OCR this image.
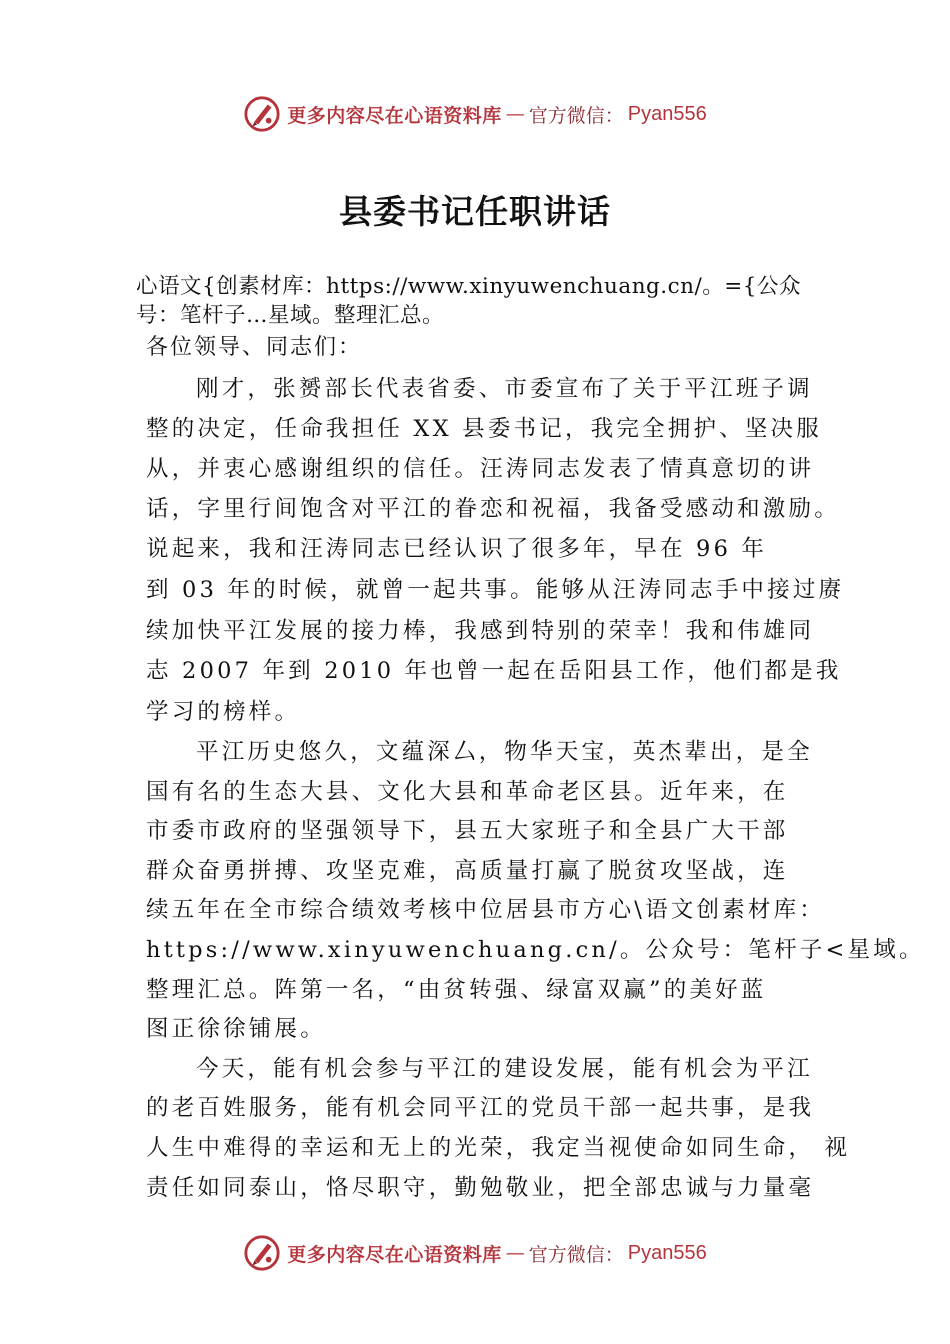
更多内容尽在心语资料库 — 官方微信： Pyan556
县委书记任职讲话

心语文{创素材库：https://www.xinyuwenchuang.cn/。={公众号：笔杆子…星域。整理汇总。

各位领导、同志们：

刚才，张赟部长代表省委、市委宣布了关于平江班子调

整的决定，任命我担任 XX 县委书记，我完全拥护、坚决服

从，并衷心感谢组织的信任。汪涛同志发表了情真意切的讲

话，字里行间饱含对平江的眷恋和祝福，我备受感动和激励。

说起来，我和汪涛同志已经认识了很多年，早在 96 年

到 03 年的时候，就曾一起共事。能够从汪涛同志手中接过赓

续加快平江发展的接力棒，我感到特别的荣幸！我和伟雄同

志 2007 年到 2010 年也曾一起在岳阳县工作，他们都是我

学习的榜样。

平江历史悠久，文蕴深厶，物华天宝，英杰辈出，是全

国有名的生态大县、文化大县和革命老区县。近年来，在

市委市政府的坚强领导下，县五大家班子和全县广大干部

群众奋勇拼搏、攻坚克难，高质量打赢了脱贫攻坚战，连

续五年在全市综合绩效考核中位居县市方心\语文创素材库：

https://www.xinyuwenchuang.cn/。公众号：笔杆子<星域。

整理汇总。阵第一名，“由贫转强、绿富双赢”的美好蓝

图正徐徐铺展。

今天，能有机会参与平江的建设发展，能有机会为平江

的老百姓服务，能有机会同平江的党员干部一起共事，是我

人生中难得的幸运和无上的光荣，我定当视使命如同生命， 视

责任如同泰山，恪尽职守，勤勉敬业，把全部忠诚与力量毫

更多内容尽在心语资料库 — 官方微信： Pyan556
